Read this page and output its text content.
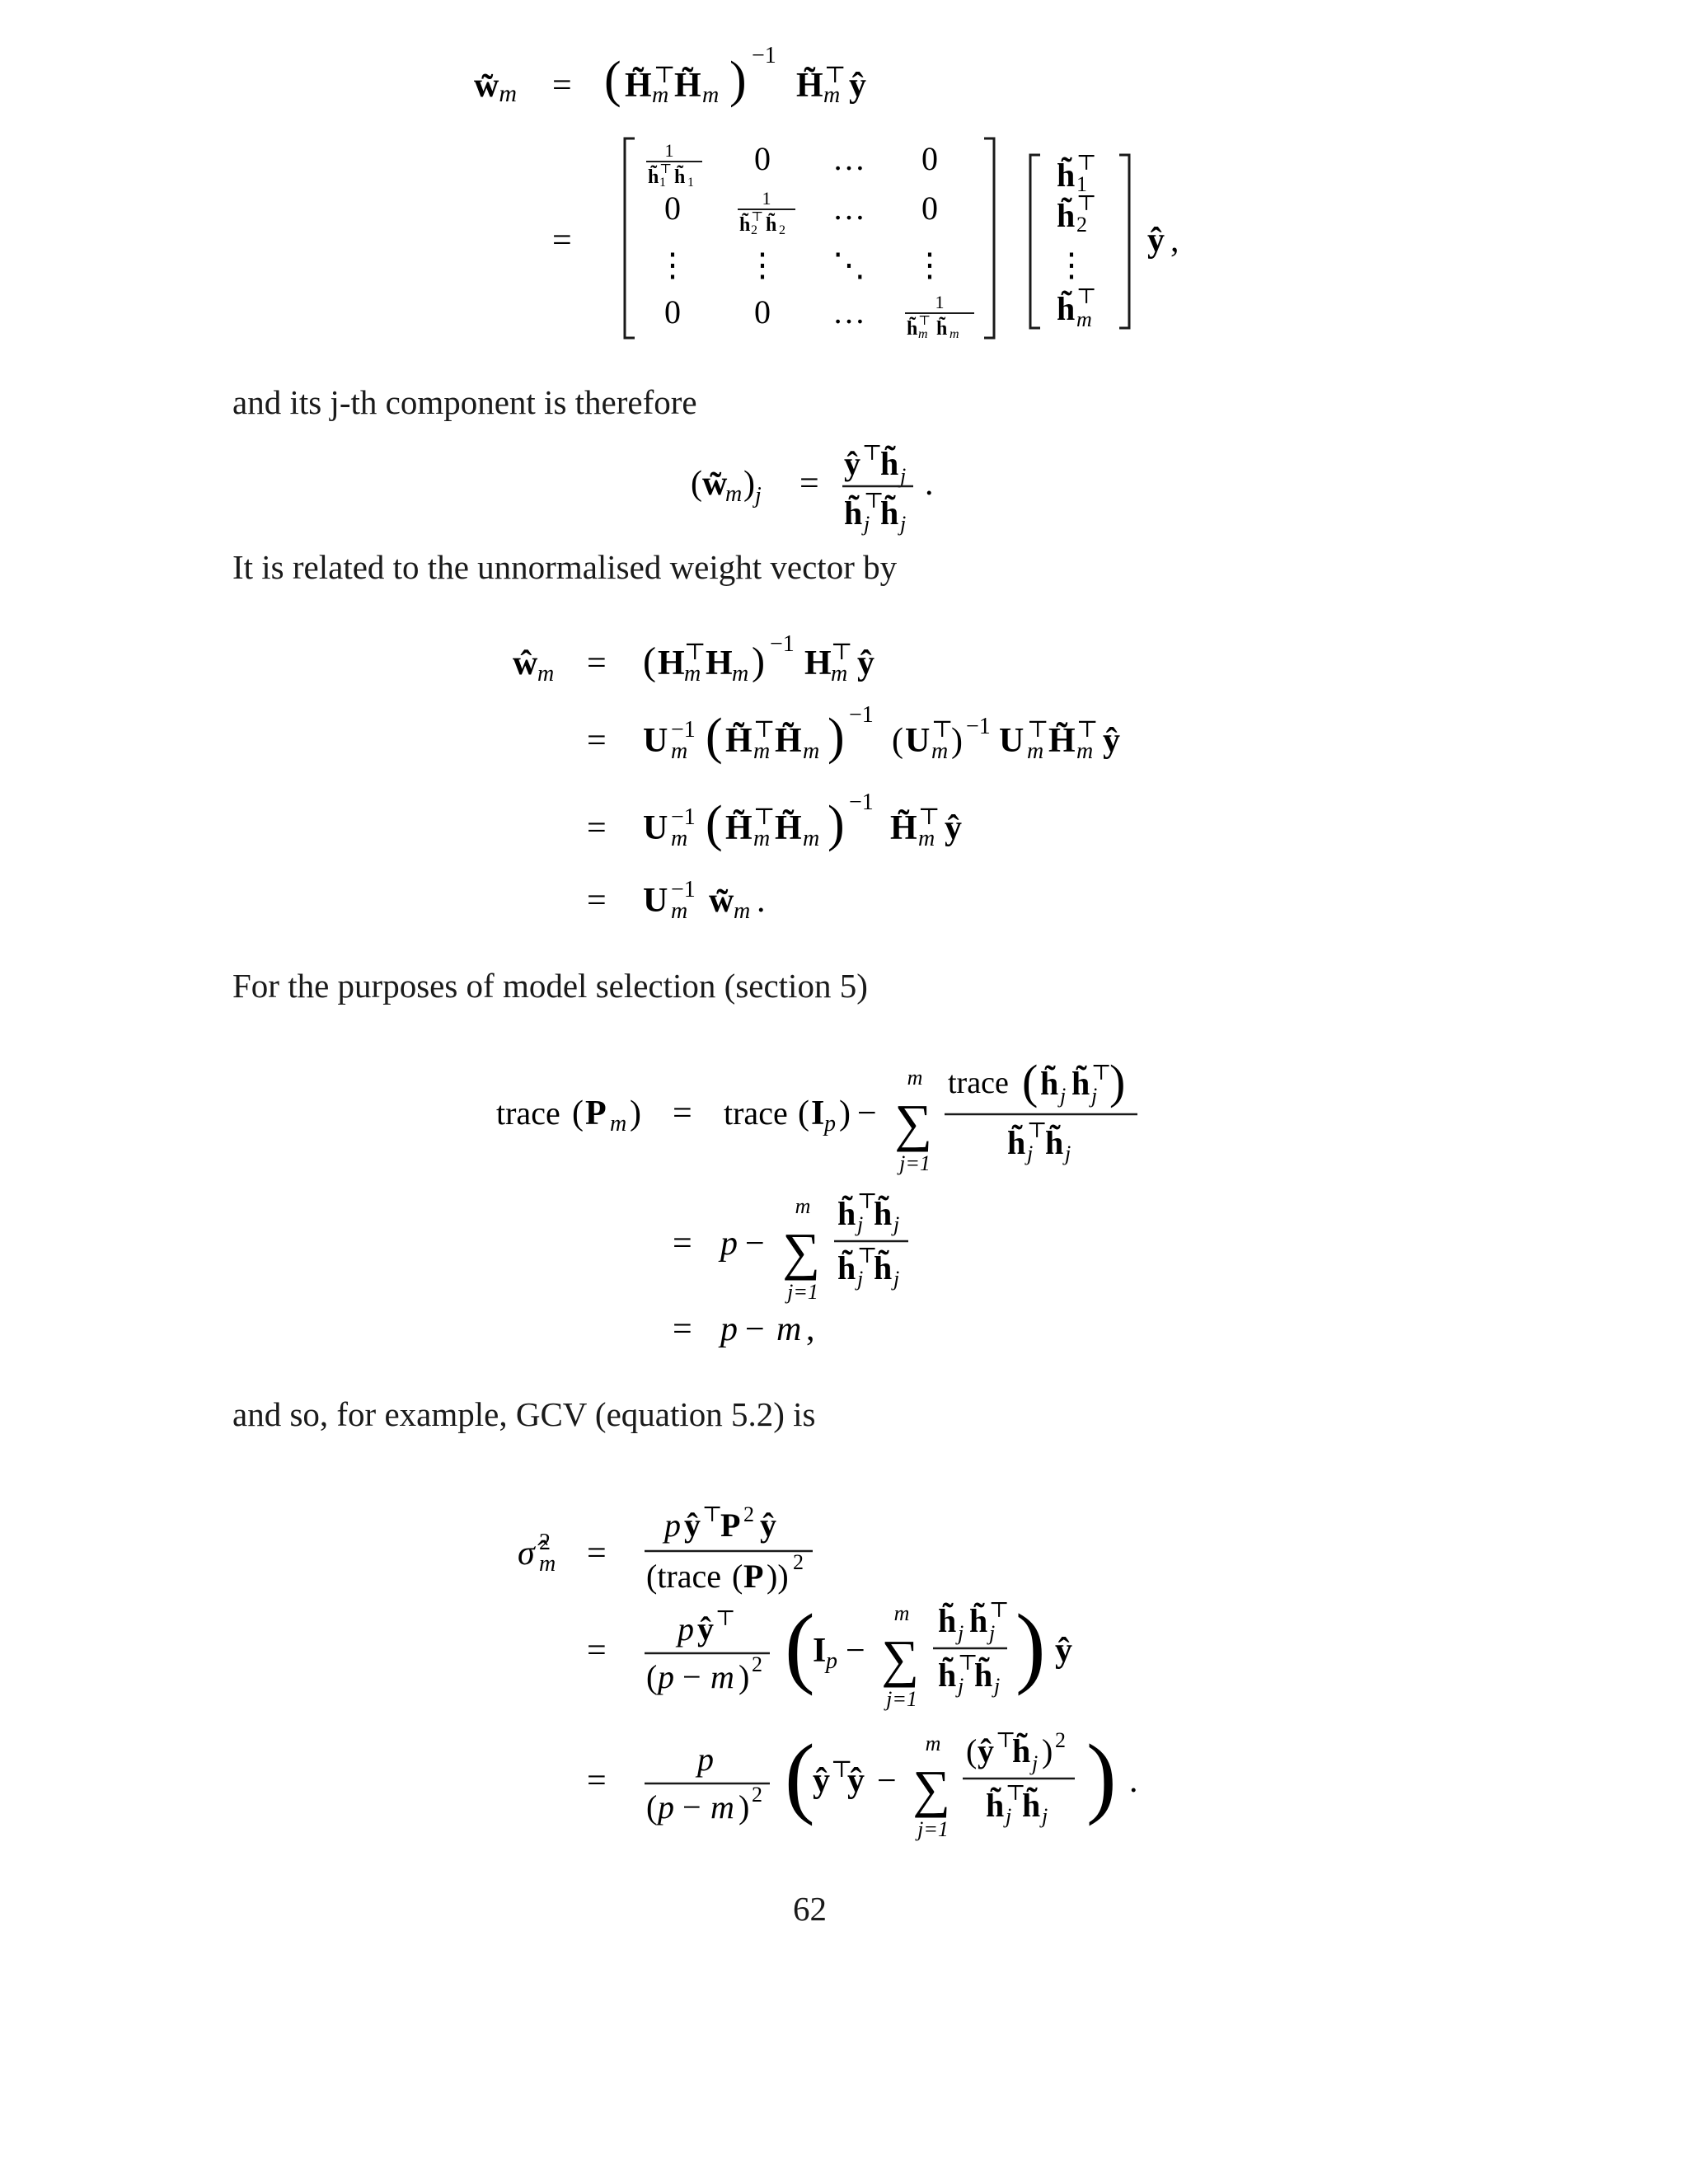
w̃m = ( H̃ ⊤
m H̃ m ) −1
H̃ ⊤
m ŷ
=
1
h̃ ⊤
1 h̃ 1
0 … 0
0	1
h̃ ⊤
2 h̃ 2
… 0
⋮ ⋮ ⋱ ⋮
0 0 …	1
h̃ ⊤
m h̃ m
h̃ ⊤
1
h̃ ⊤
2
⋮
h̃ ⊤
m
ŷ ,
and its j-th component is therefore
( w̃
m ) j =
ŷ ⊤
h̃ j
h̃ ⊤
j h̃ j
.
It is related to the unnormalised weight vector by
ŵ m = ( H ⊤
m H m ) −1
H ⊤
m ŷ
= U −1
m ( H̃ ⊤
m H̃ m ) −1
( U ⊤
m ) −1 U ⊤
m H̃ ⊤
m ŷ
= U −1
m ( H̃ ⊤
m H̃ m ) −1
H̃ ⊤
m ŷ
= U −1
m w̃ m .
For the purposes of model selection (section 5)
trace ( P m ) = trace ( I p ) −
m
∑
j=1
trace ( h̃ j h̃ ⊤
j )
h̃ ⊤
j h̃ j
= p −
m
∑
j=1
h̃ ⊤
j h̃ j
h̃ ⊤
j h̃ j
= p − m ,
and so, for example, GCV (equation 5.2) is
σ̂ 2
m =
p ŷ ⊤
P 2 ŷ
(trace ( P )) 2
=
p ŷ ⊤
( p − m ) 2 (
I p −
m
∑
j=1
h̃ j h̃ ⊤
j
h̃ ⊤
j h̃ j ) ŷ
=
p
( p − m ) 2 (
ŷ ⊤
ŷ −
m
∑
j=1
( ŷ ⊤
h̃ j ) 2
h̃ ⊤
j h̃ j ) .
62
